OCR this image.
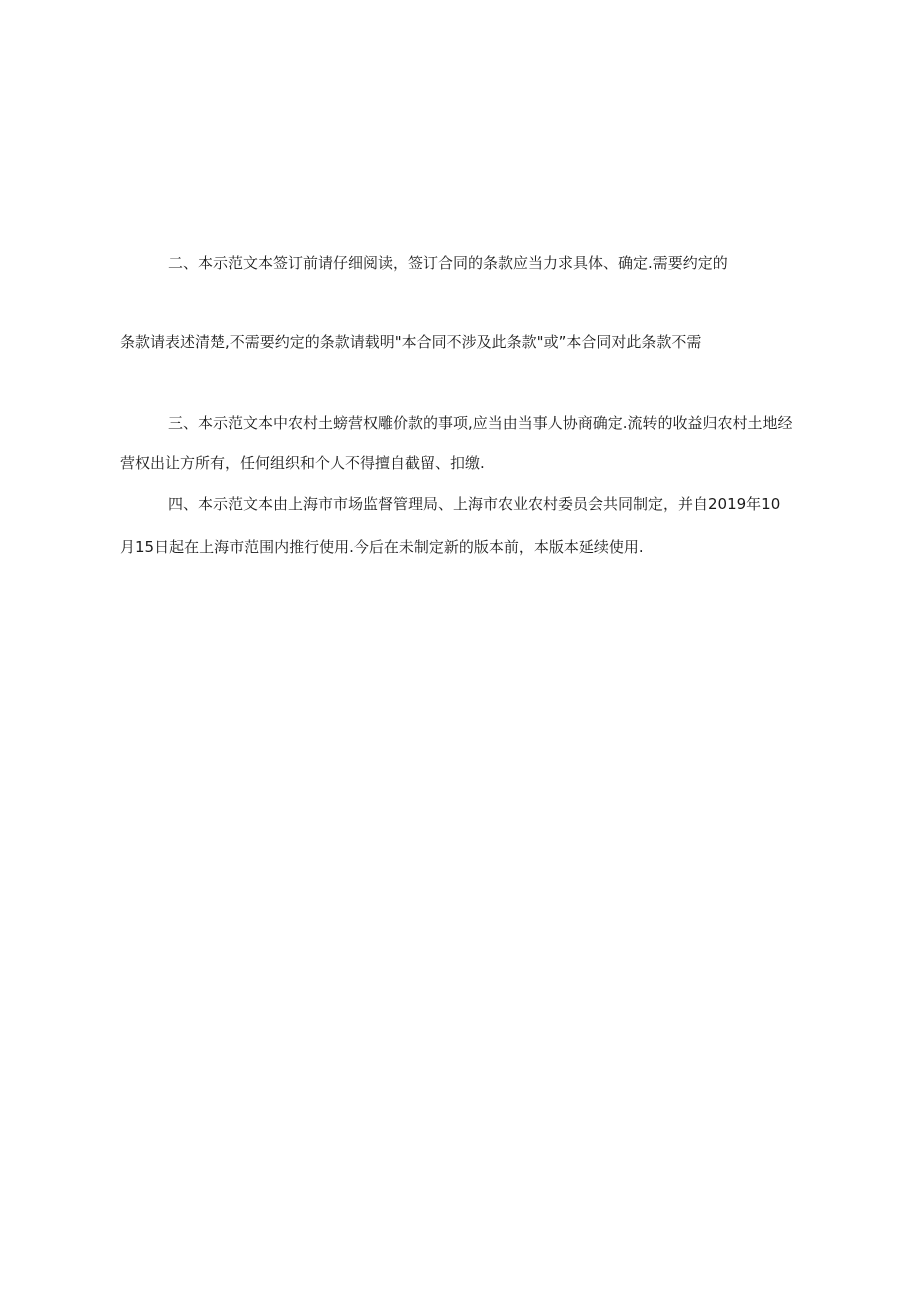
二、本示范文本签订前请仔细阅读，签订合同的条款应当力求具体、确定.需要约定的
条款请表述清楚,不需要约定的条款请载明"本合同不涉及此条款"或”本合同对此条款不需
三、本示范文本中农村土螃营权雕价款的事项,应当由当事人协商确定.流转的收益归农村土地经
营权出让方所有，任何组织和个人不得擅自截留、扣缴.
四、本示范文本由上海市市场监督管理局、上海市农业农村委员会共同制定，并自2019年10
月15日起在上海市范围内推行使用.今后在未制定新的版本前，本版本延续使用.
